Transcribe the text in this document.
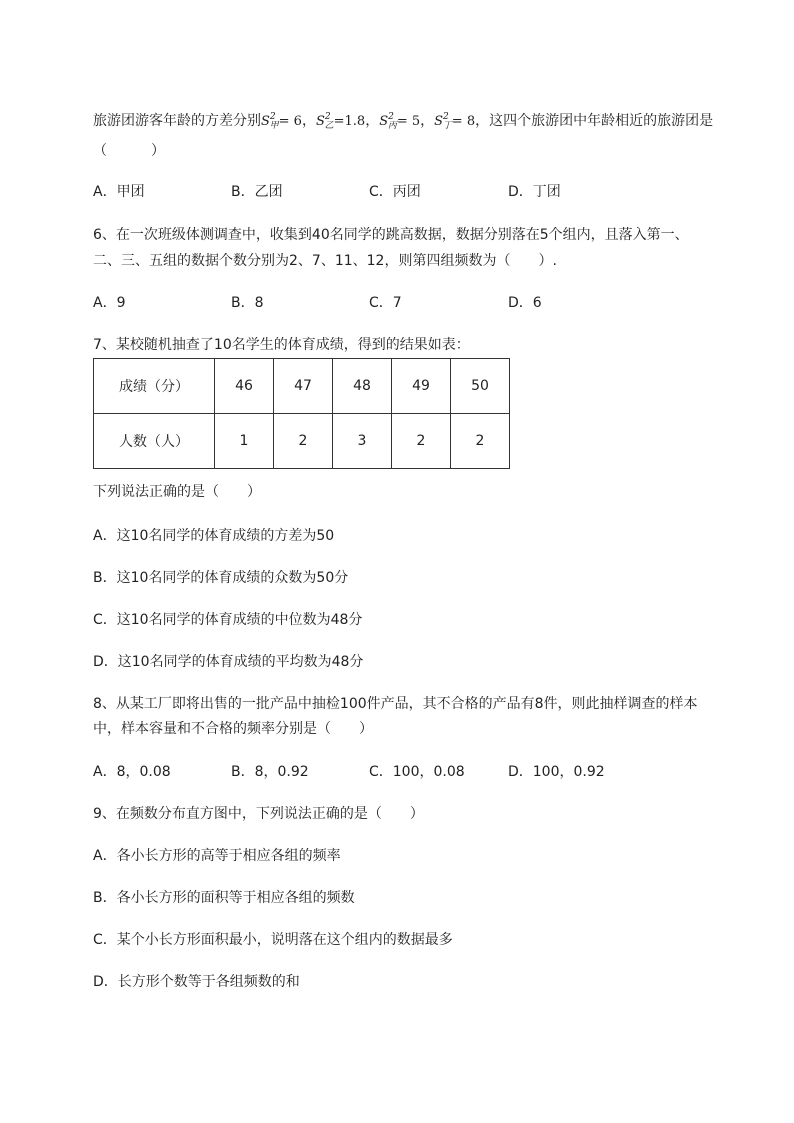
旅游团游客年龄的方差分别$S^2_甲= 6$，$S^2_乙=1.8$，$S^2_丙= 5$，$S^2_丁= 8$，这四个旅游团中年龄相近的旅游团是
（	）
A．甲团	B．乙团	C．丙团	D．丁团
6、在一次班级体测调查中，收集到40名同学的跳高数据，数据分别落在5个组内，且落入第一、
二、三、五组的数据个数分别为2、7、11、12，则第四组频数为（　　）.
A．9	B．8	C．7	D．6
7、某校随机抽查了10名学生的体育成绩，得到的结果如表：
成绩（分）	46	47	48	49	50
人数（人）	1	2	3	2	2
下列说法正确的是（　　）
A．这10名同学的体育成绩的方差为50
B．这10名同学的体育成绩的众数为50分
C．这10名同学的体育成绩的中位数为48分
D．这10名同学的体育成绩的平均数为48分
8、从某工厂即将出售的一批产品中抽检100件产品，其不合格的产品有8件，则此抽样调查的样本
中，样本容量和不合格的频率分别是（　　）
A．8，0.08	B．8，0.92	C．100，0.08	D．100，0.92
9、在频数分布直方图中，下列说法正确的是（　　）
A．各小长方形的高等于相应各组的频率
B．各小长方形的面积等于相应各组的频数
C．某个小长方形面积最小，说明落在这个组内的数据最多
D．长方形个数等于各组频数的和
